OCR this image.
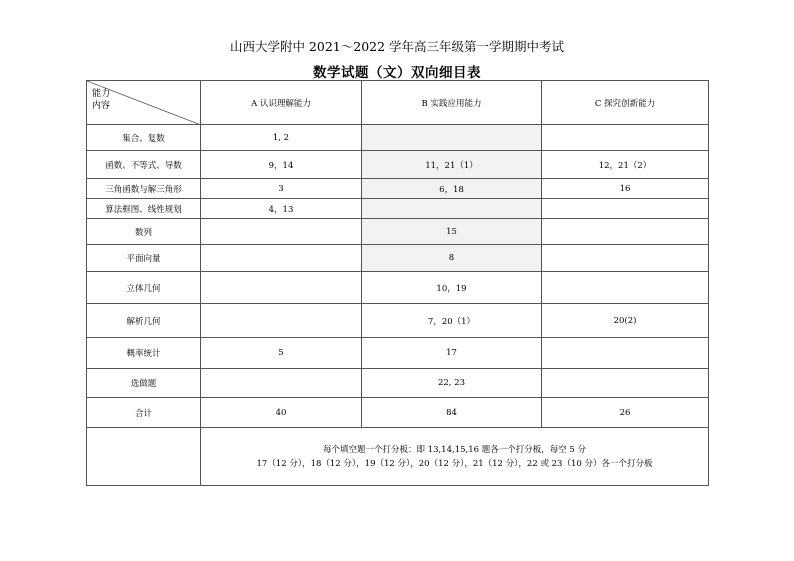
山西大学附中 2021～2022 学年高三年级第一学期期中考试
数学试题（文）双向细目表
能力
内容	A 认识理解能力	B 实践应用能力	C 探究创新能力
集合、复数	1, 2		
函数、不等式、导数	9，14	11，21（1）	12，21（2）
三角函数与解三角形	3	6，18	16
算法框图、线性规划	4，13		
数列		15	
平面向量		8	
立体几何		10，19	
解析几何		7，20（1）	20(2)
概率统计	5	17	
选做题		22, 23	
合计	40	84	26

	每个填空题一个打分板：即 13,14,15,16 题各一个打分板，每空 5 分
17（12 分），18（12 分），19（12 分），20（12 分），21（12 分），22 或 23（10 分）各一个打分板		
